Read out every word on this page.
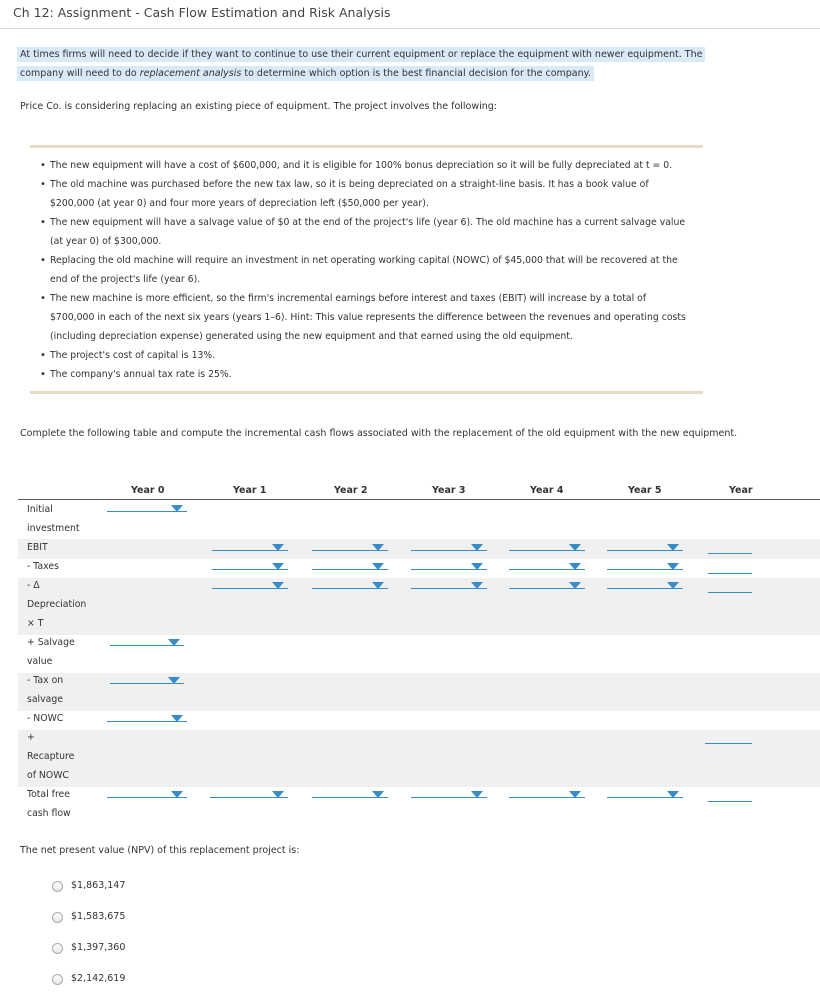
Ch 12: Assignment - Cash Flow Estimation and Risk Analysis
At times firms will need to decide if they want to continue to use their current equipment or replace the equipment with newer equipment. The
company will need to do replacement analysis to determine which option is the best financial decision for the company.
Price Co. is considering replacing an existing piece of equipment. The project involves the following:
• The new equipment will have a cost of $600,000, and it is eligible for 100% bonus depreciation so it will be fully depreciated at t = 0.
• The old machine was purchased before the new tax law, so it is being depreciated on a straight-line basis. It has a book value of $200,000 (at year 0) and four more years of depreciation left ($50,000 per year).
• The new equipment will have a salvage value of $0 at the end of the project's life (year 6). The old machine has a current salvage value (at year 0) of $300,000.
• Replacing the old machine will require an investment in net operating working capital (NOWC) of $45,000 that will be recovered at the end of the project's life (year 6).
• The new machine is more efficient, so the firm's incremental earnings before interest and taxes (EBIT) will increase by a total of $700,000 in each of the next six years (years 1–6). Hint: This value represents the difference between the revenues and operating costs (including depreciation expense) generated using the new equipment and that earned using the old equipment.
• The project's cost of capital is 13%.
• The company's annual tax rate is 25%.
Complete the following table and compute the incremental cash flows associated with the replacement of the old equipment with the new equipment.
Year 0	Year 1	Year 2	Year 3	Year 4	Year 5	Year
Initial
investment
EBIT
- Taxes
- Δ
Depreciation
× T
+ Salvage
value
- Tax on
salvage
- NOWC
+
Recapture
of NOWC
Total free
cash flow
The net present value (NPV) of this replacement project is:
$1,863,147
$1,583,675
$1,397,360
$2,142,619
